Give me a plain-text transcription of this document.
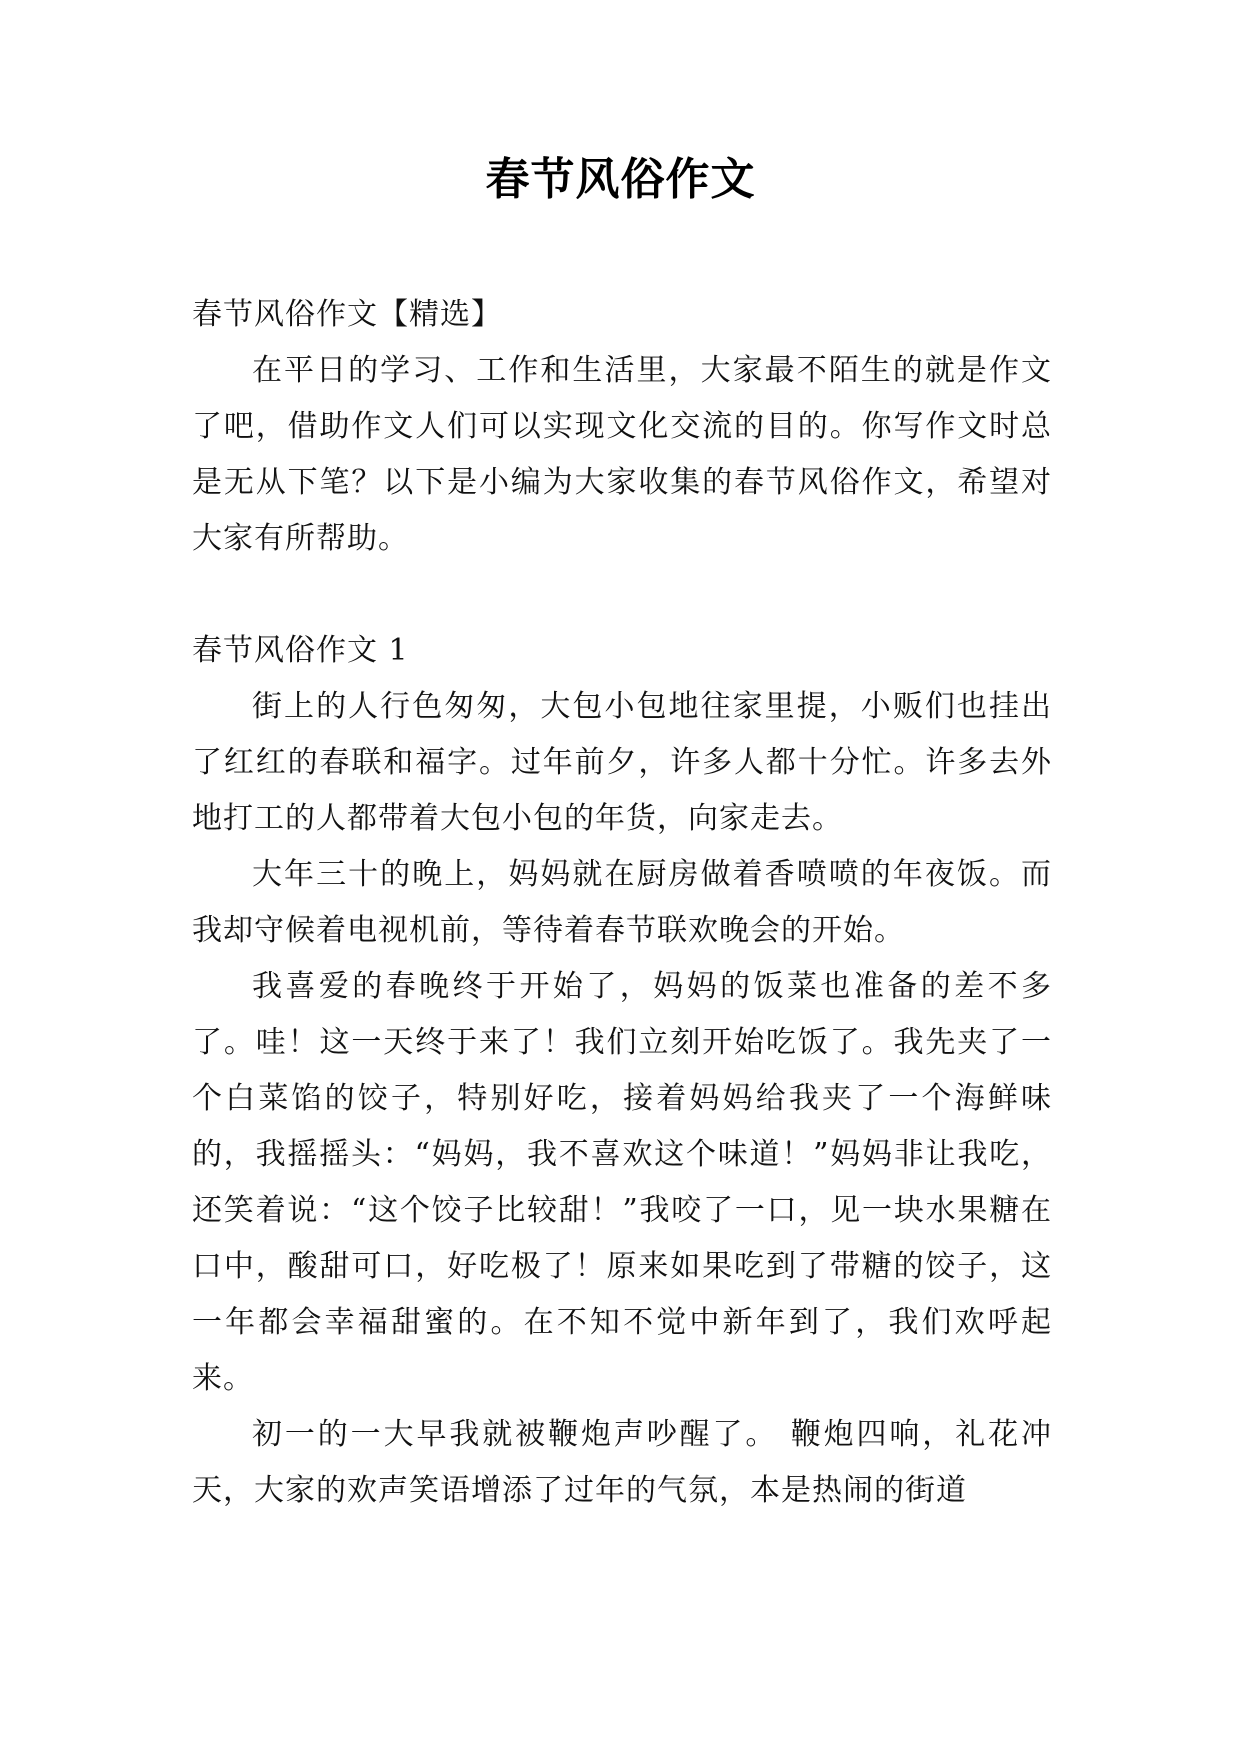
春节风俗作文

春节风俗作文【精选】

在平日的学习、工作和生活里，大家最不陌生的就是作文了吧，借助作文人们可以实现文化交流的目的。你写作文时总是无从下笔？以下是小编为大家收集的春节风俗作文，希望对大家有所帮助。

春节风俗作文 1

街上的人行色匆匆，大包小包地往家里提，小贩们也挂出了红红的春联和福字。过年前夕，许多人都十分忙。许多去外地打工的人都带着大包小包的年货，向家走去。

大年三十的晚上，妈妈就在厨房做着香喷喷的年夜饭。而我却守候着电视机前，等待着春节联欢晚会的开始。

我喜爱的春晚终于开始了，妈妈的饭菜也准备的差不多了。哇！这一天终于来了！我们立刻开始吃饭了。我先夹了一个白菜馅的饺子，特别好吃，接着妈妈给我夹了一个海鲜味的，我摇摇头：“妈妈，我不喜欢这个味道！”妈妈非让我吃，还笑着说：“这个饺子比较甜！”我咬了一口，见一块水果糖在口中，酸甜可口，好吃极了！原来如果吃到了带糖的饺子，这一年都会幸福甜蜜的。在不知不觉中新年到了，我们欢呼起来。

初一的一大早我就被鞭炮声吵醒了。 鞭炮四响，礼花冲天，大家的欢声笑语增添了过年的气氛，本是热闹的街道
